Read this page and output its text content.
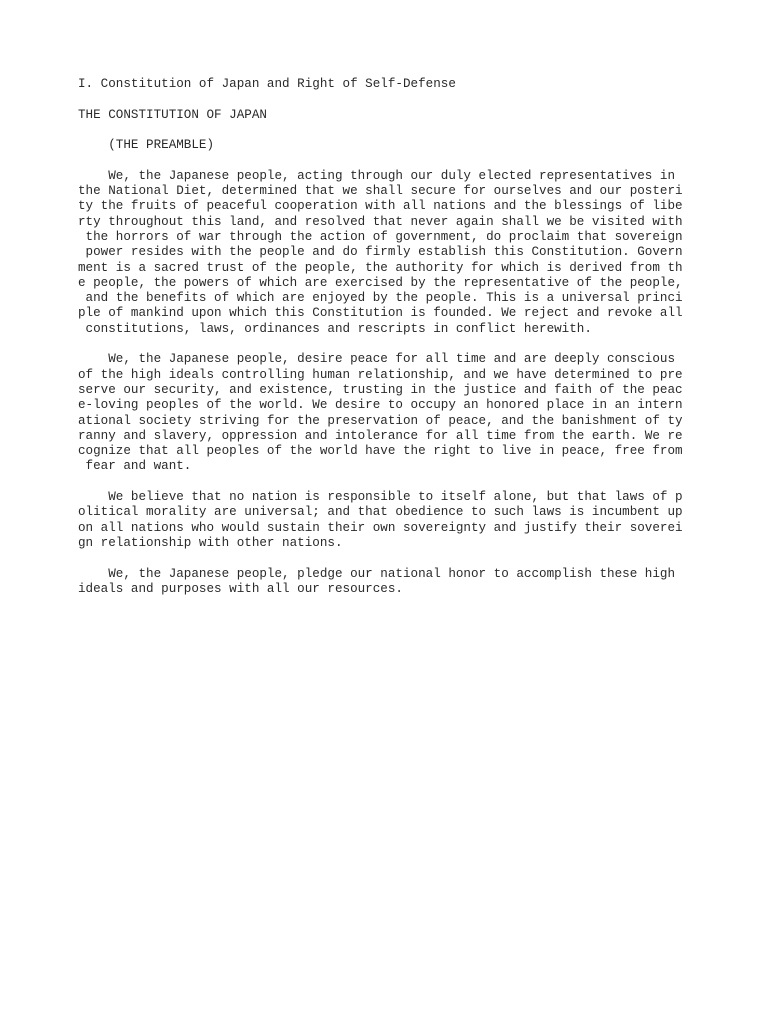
I. Constitution of Japan and Right of Self-Defense
THE CONSTITUTION OF JAPAN
(THE PREAMBLE)
We, the Japanese people, acting through our duly elected representatives in
the National Diet, determined that we shall secure for ourselves and our posteri
ty the fruits of peaceful cooperation with all nations and the blessings of libe
rty throughout this land, and resolved that never again shall we be visited with
the horrors of war through the action of government, do proclaim that sovereign
power resides with the people and do firmly establish this Constitution. Govern
ment is a sacred trust of the people, the authority for which is derived from th
e people, the powers of which are exercised by the representative of the people,
and the benefits of which are enjoyed by the people. This is a universal princi
ple of mankind upon which this Constitution is founded. We reject and revoke all
constitutions, laws, ordinances and rescripts in conflict herewith.
We, the Japanese people, desire peace for all time and are deeply conscious
of the high ideals controlling human relationship, and we have determined to pre
serve our security, and existence, trusting in the justice and faith of the peac
e-loving peoples of the world. We desire to occupy an honored place in an intern
ational society striving for the preservation of peace, and the banishment of ty
ranny and slavery, oppression and intolerance for all time from the earth. We re
cognize that all peoples of the world have the right to live in peace, free from
fear and want.
We believe that no nation is responsible to itself alone, but that laws of p
olitical morality are universal; and that obedience to such laws is incumbent up
on all nations who would sustain their own sovereignty and justify their soverei
gn relationship with other nations.
We, the Japanese people, pledge our national honor to accomplish these high
ideals and purposes with all our resources.
